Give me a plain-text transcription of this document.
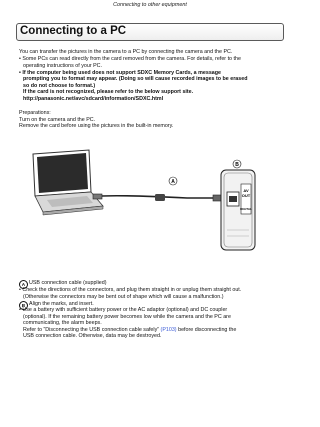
Connecting to other equipment
Connecting to a PC
You can transfer the pictures in the camera to a PC by connecting the camera and the PC.
• Some PCs can read directly from the card removed from the camera. For details, refer to the
operating instructions of your PC.
• If the computer being used does not support SDXC Memory Cards, a message
prompting you to format may appear. (Doing so will cause recorded images to be erased
so do not choose to format.)
If the card is not recognized, please refer to the below support site.
http://panasonic.net/avc/sdcard/information/SDXC.html
Preparations:
Turn on the camera and the PC.
Remove the card before using the pictures in the built-in memory.
AV
OUT
DIGITAL
A
B
A USB connection cable (supplied)
• Check the directions of the connectors, and plug them straight in or unplug them straight out.
(Otherwise the connectors may be bent out of shape which will cause a malfunction.)
B Align the marks, and insert.
• Use a battery with sufficient battery power or the AC adaptor (optional) and DC coupler
(optional). If the remaining battery power becomes low while the camera and the PC are
communicating, the alarm beeps.
Refer to “Disconnecting the USB connection cable safely” (P103) before disconnecting the
USB connection cable. Otherwise, data may be destroyed.
